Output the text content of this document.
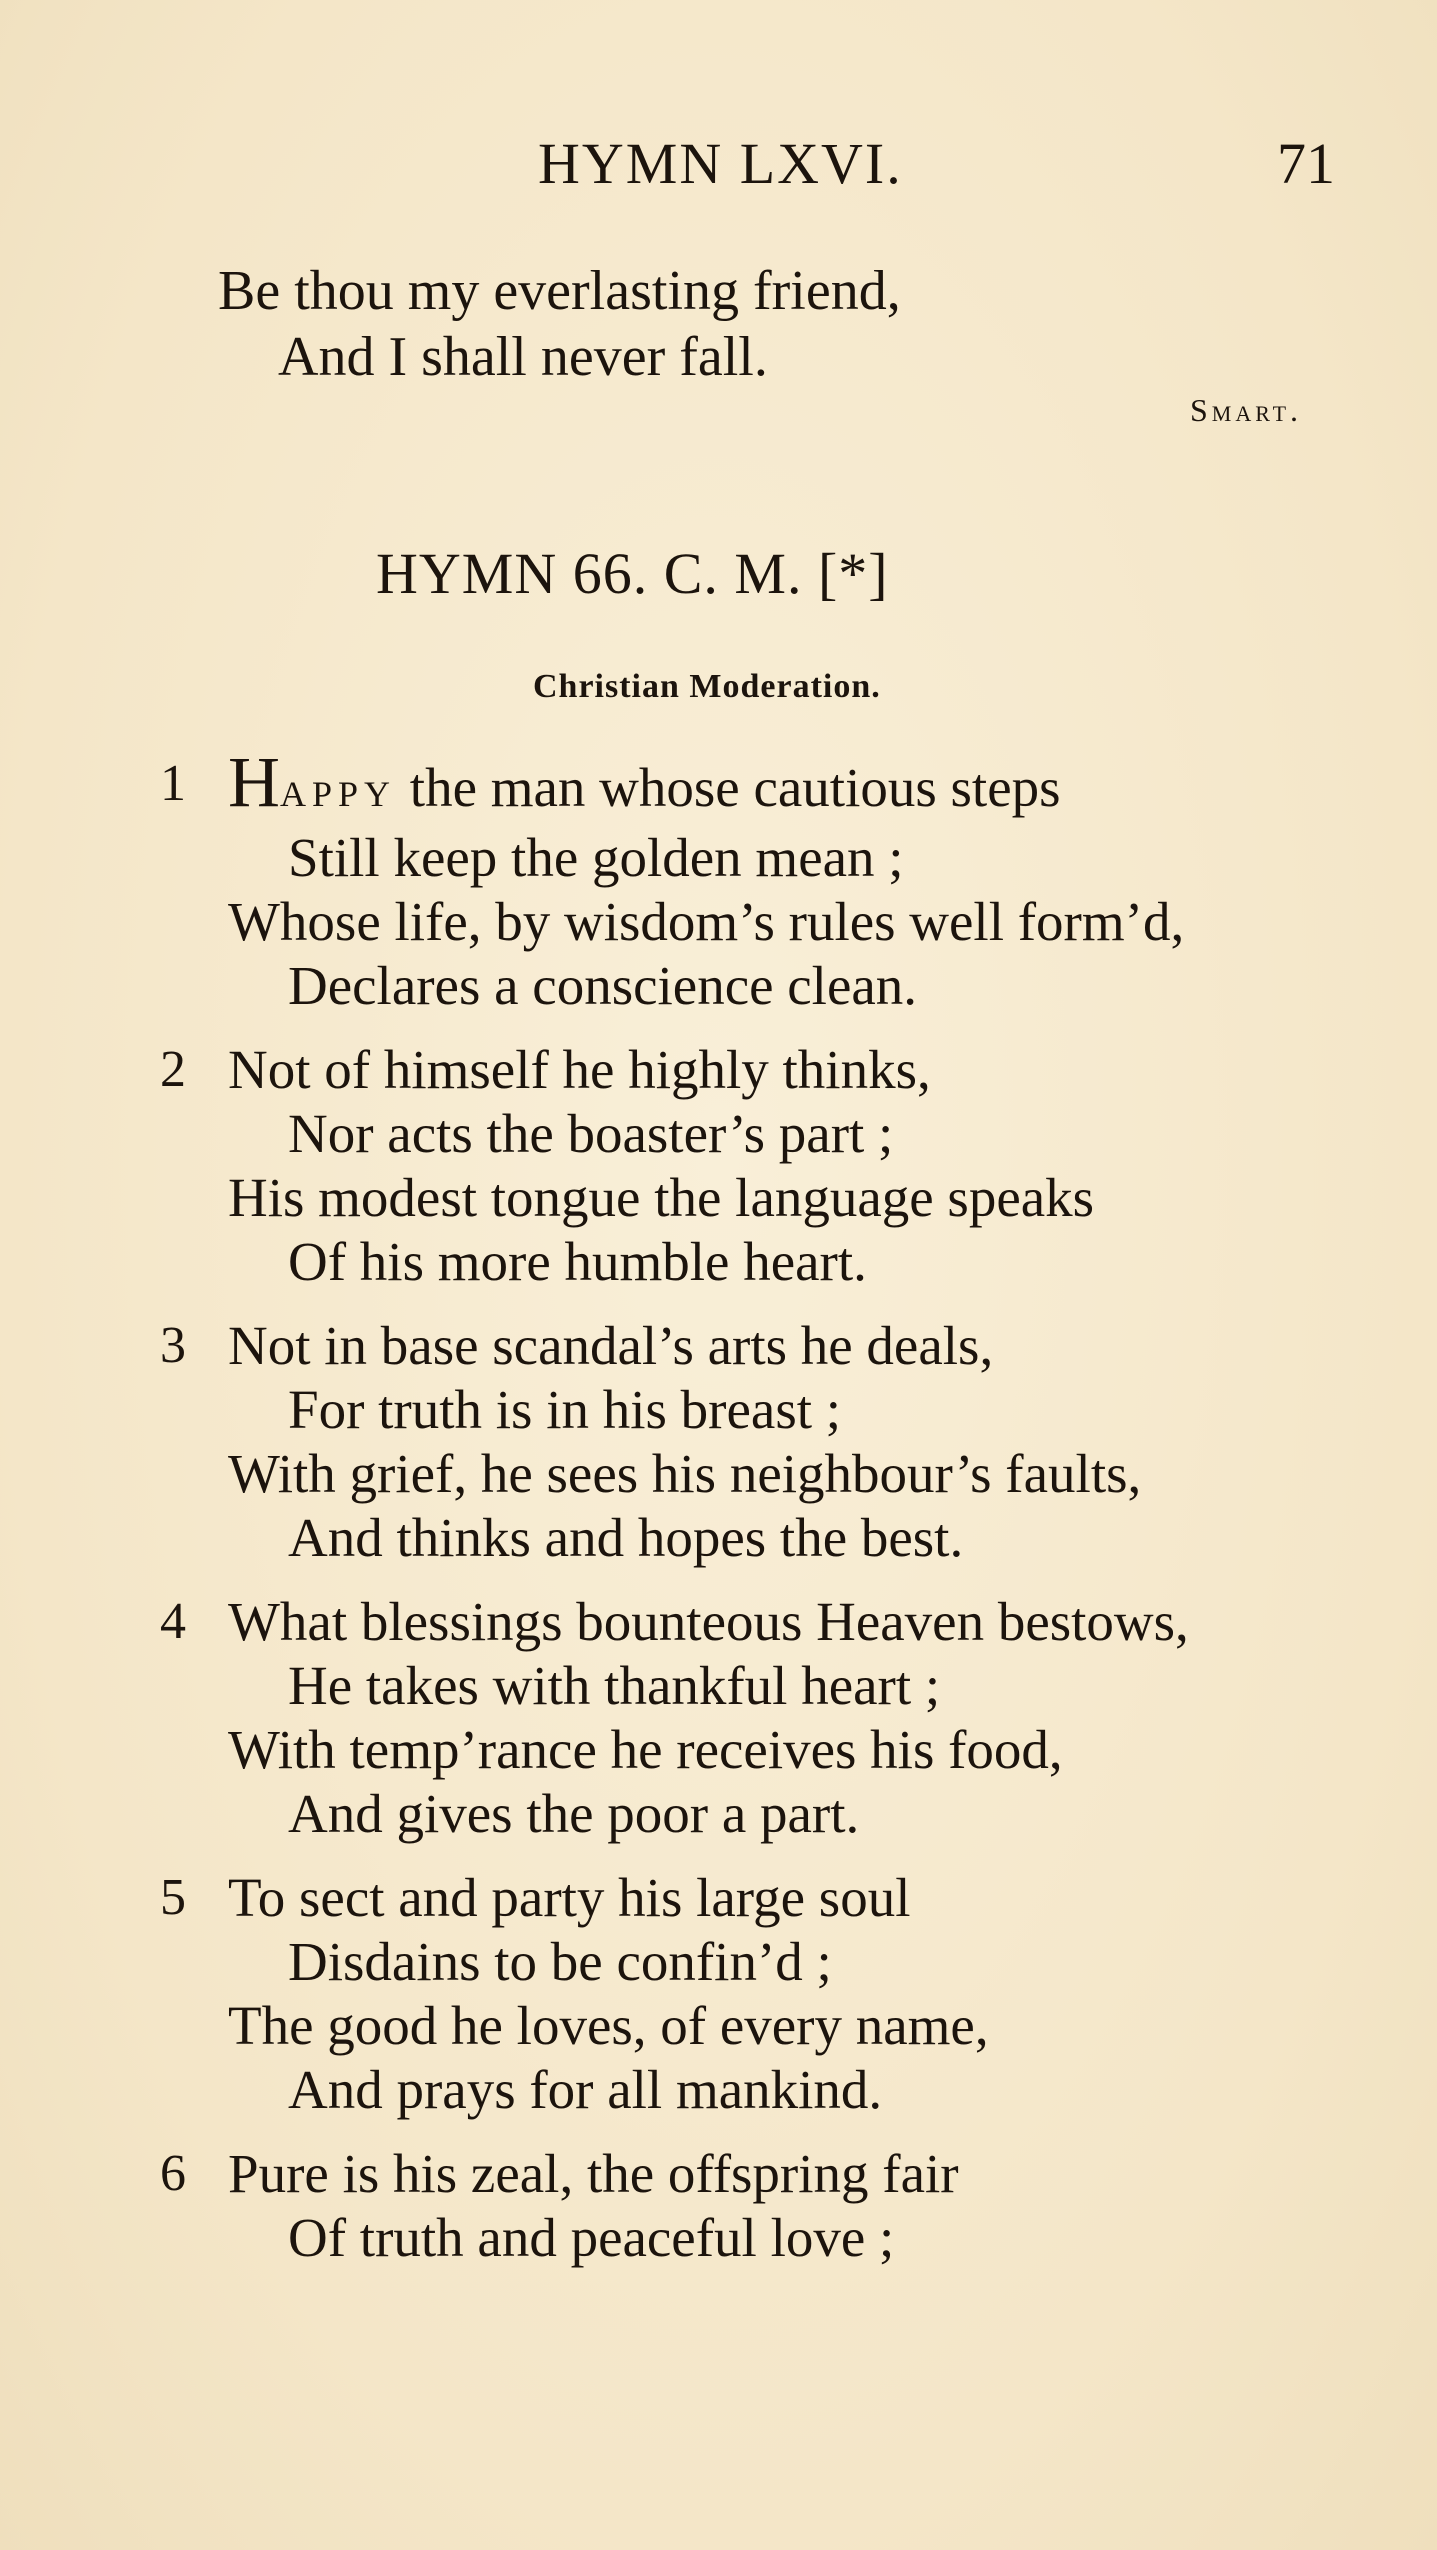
HYMN LXVI.	71
Be thou my everlasting friend,
And I shall never fall.
Smart.
HYMN 66. C. M. [*]
Christian Moderation.
1 HAPPY the man whose cautious steps
Still keep the golden mean ;
Whose life, by wisdom’s rules well form’d,
Declares a conscience clean.
2 Not of himself he highly thinks,
Nor acts the boaster’s part ;
His modest tongue the language speaks
Of his more humble heart.
3 Not in base scandal’s arts he deals,
For truth is in his breast ;
With grief, he sees his neighbour’s faults,
And thinks and hopes the best.
4 What blessings bounteous Heaven bestows,
He takes with thankful heart ;
With temp’rance he receives his food,
And gives the poor a part.
5 To sect and party his large soul
Disdains to be confin’d ;
The good he loves, of every name,
And prays for all mankind.
6 Pure is his zeal, the offspring fair
Of truth and peaceful love ;
